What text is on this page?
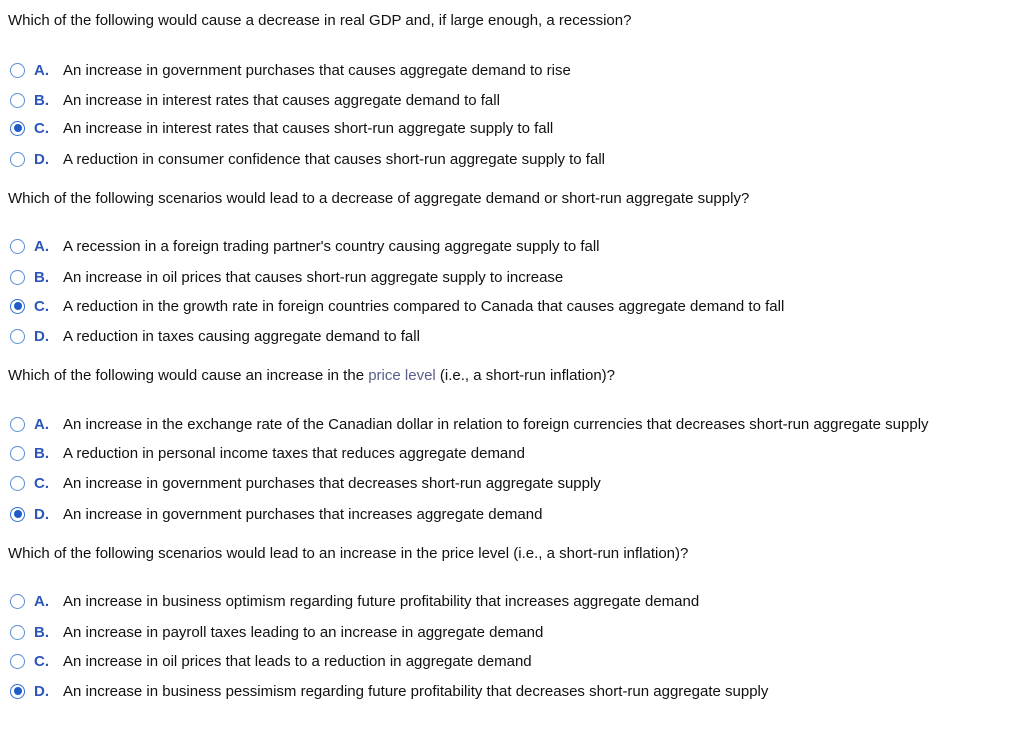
Which of the following would cause a decrease in real GDP and, if large enough, a recession?
A. An increase in government purchases that causes aggregate demand to rise
B. An increase in interest rates that causes aggregate demand to fall
C. An increase in interest rates that causes short-run aggregate supply to fall
D. A reduction in consumer confidence that causes short-run aggregate supply to fall
Which of the following scenarios would lead to a decrease of aggregate demand or short-run aggregate supply?
A. A recession in a foreign trading partner's country causing aggregate supply to fall
B. An increase in oil prices that causes short-run aggregate supply to increase
C. A reduction in the growth rate in foreign countries compared to Canada that causes aggregate demand to fall
D. A reduction in taxes causing aggregate demand to fall
Which of the following would cause an increase in the price level (i.e., a short-run inflation)?
A. An increase in the exchange rate of the Canadian dollar in relation to foreign currencies that decreases short-run aggregate supply
B. A reduction in personal income taxes that reduces aggregate demand
C. An increase in government purchases that decreases short-run aggregate supply
D. An increase in government purchases that increases aggregate demand
Which of the following scenarios would lead to an increase in the price level (i.e., a short-run inflation)?
A. An increase in business optimism regarding future profitability that increases aggregate demand
B. An increase in payroll taxes leading to an increase in aggregate demand
C. An increase in oil prices that leads to a reduction in aggregate demand
D. An increase in business pessimism regarding future profitability that decreases short-run aggregate supply
